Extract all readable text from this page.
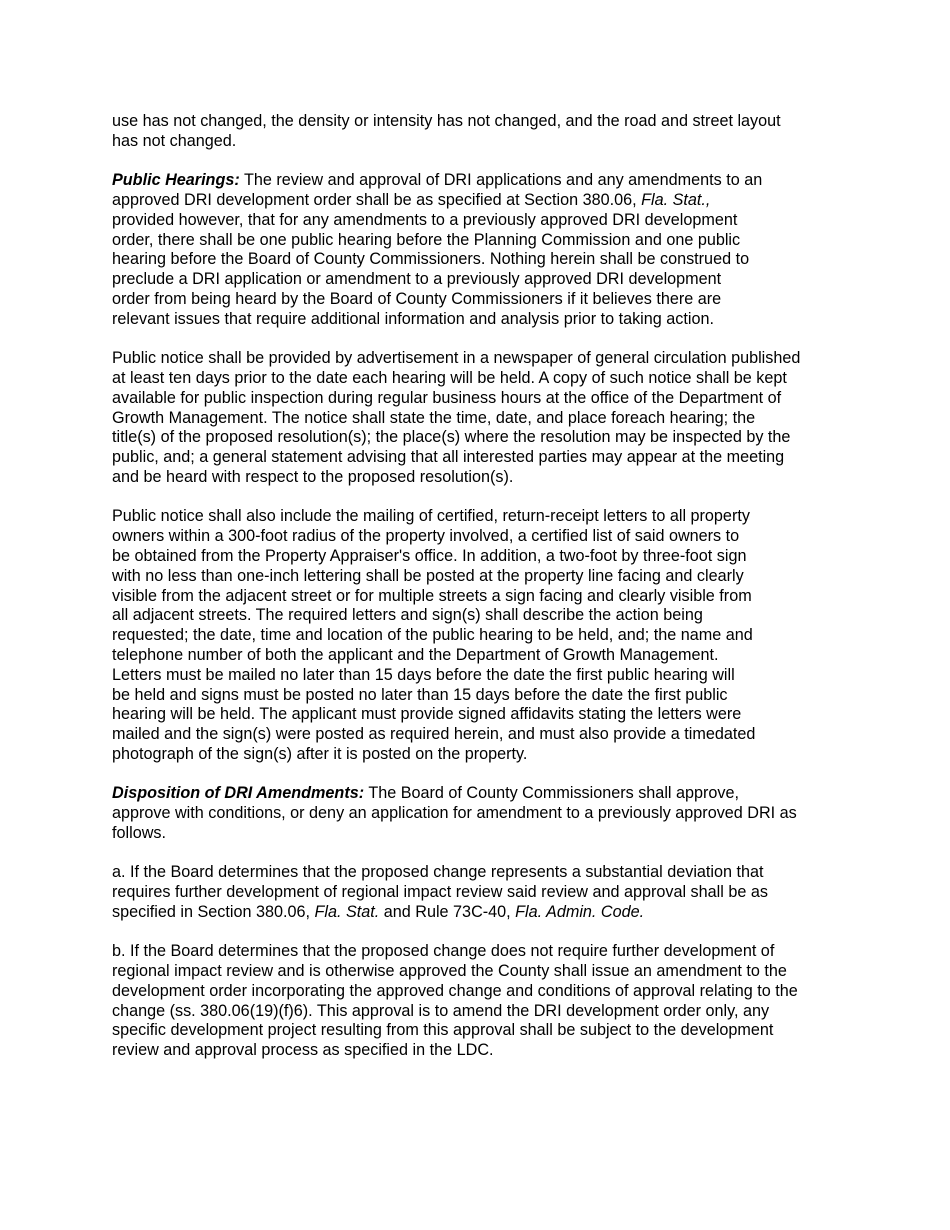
use has not changed, the density or intensity has not changed, and the road and street layout
has not changed.

Public Hearings: The review and approval of DRI applications and any amendments to an
approved DRI development order shall be as specified at Section 380.06, Fla. Stat.,
provided however, that for any amendments to a previously approved DRI development
order, there shall be one public hearing before the Planning Commission and one public
hearing before the Board of County Commissioners. Nothing herein shall be construed to
preclude a DRI application or amendment to a previously approved DRI development
order from being heard by the Board of County Commissioners if it believes there are
relevant issues that require additional information and analysis prior to taking action.

Public notice shall be provided by advertisement in a newspaper of general circulation published
at least ten days prior to the date each hearing will be held. A copy of such notice shall be kept
available for public inspection during regular business hours at the office of the Department of
Growth Management. The notice shall state the time, date, and place foreach hearing; the
title(s) of the proposed resolution(s); the place(s) where the resolution may be inspected by the
public, and; a general statement advising that all interested parties may appear at the meeting
and be heard with respect to the proposed resolution(s).

Public notice shall also include the mailing of certified, return-receipt letters to all property
owners within a 300-foot radius of the property involved, a certified list of said owners to
be obtained from the Property Appraiser's office. In addition, a two-foot by three-foot sign
with no less than one-inch lettering shall be posted at the property line facing and clearly
visible from the adjacent street or for multiple streets a sign facing and clearly visible from
all adjacent streets. The required letters and sign(s) shall describe the action being
requested; the date, time and location of the public hearing to be held, and; the name and
telephone number of both the applicant and the Department of Growth Management.
Letters must be mailed no later than 15 days before the date the first public hearing will
be held and signs must be posted no later than 15 days before the date the first public
hearing will be held. The applicant must provide signed affidavits stating the letters were
mailed and the sign(s) were posted as required herein, and must also provide a timedated
photograph of the sign(s) after it is posted on the property.

Disposition of DRI Amendments: The Board of County Commissioners shall approve,
approve with conditions, or deny an application for amendment to a previously approved DRI as
follows.

a. If the Board determines that the proposed change represents a substantial deviation that
requires further development of regional impact review said review and approval shall be as
specified in Section 380.06, Fla. Stat. and Rule 73C-40, Fla. Admin. Code.

b. If the Board determines that the proposed change does not require further development of
regional impact review and is otherwise approved the County shall issue an amendment to the
development order incorporating the approved change and conditions of approval relating to the
change (ss. 380.06(19)(f)6). This approval is to amend the DRI development order only, any
specific development project resulting from this approval shall be subject to the development
review and approval process as specified in the LDC.
